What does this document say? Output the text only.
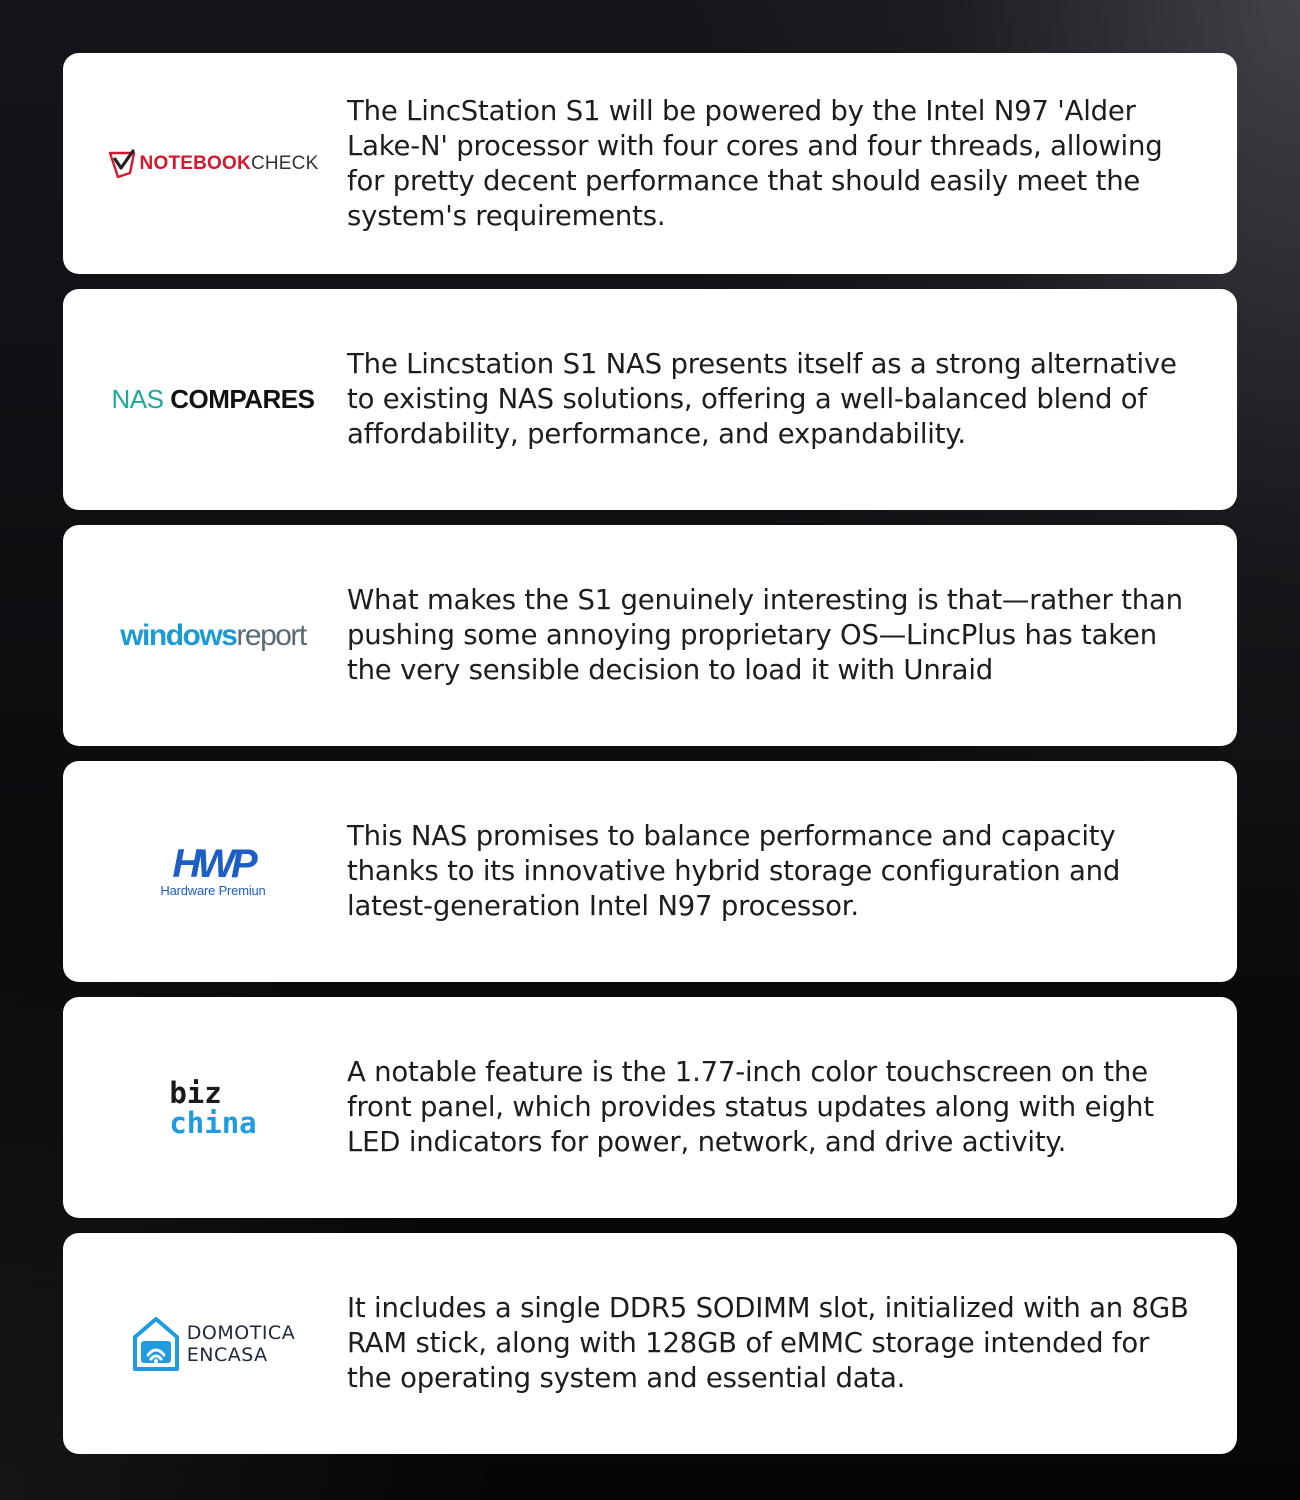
NOTEBOOKCHECK
The LincStation S1 will be powered by the Intel N97 'Alder Lake-N' processor with four cores and four threads, allowing for pretty decent performance that should easily meet the system's requirements.
NAS COMPARES
The Lincstation S1 NAS presents itself as a strong alternative to existing NAS solutions, offering a well-balanced blend of affordability, performance, and expandability.
windowsreport
What makes the S1 genuinely interesting is that—rather than pushing some annoying proprietary OS—LincPlus has taken the very sensible decision to load it with Unraid
HWP
Hardware Premiun
This NAS promises to balance performance and capacity thanks to its innovative hybrid storage configuration and latest-generation Intel N97 processor.
biz
china
A notable feature is the 1.77-inch color touchscreen on the front panel, which provides status updates along with eight LED indicators for power, network, and drive activity.
DOMOTICA
ENCASA
It includes a single DDR5 SODIMM slot, initialized with an 8GB RAM stick, along with 128GB of eMMC storage intended for the operating system and essential data.
